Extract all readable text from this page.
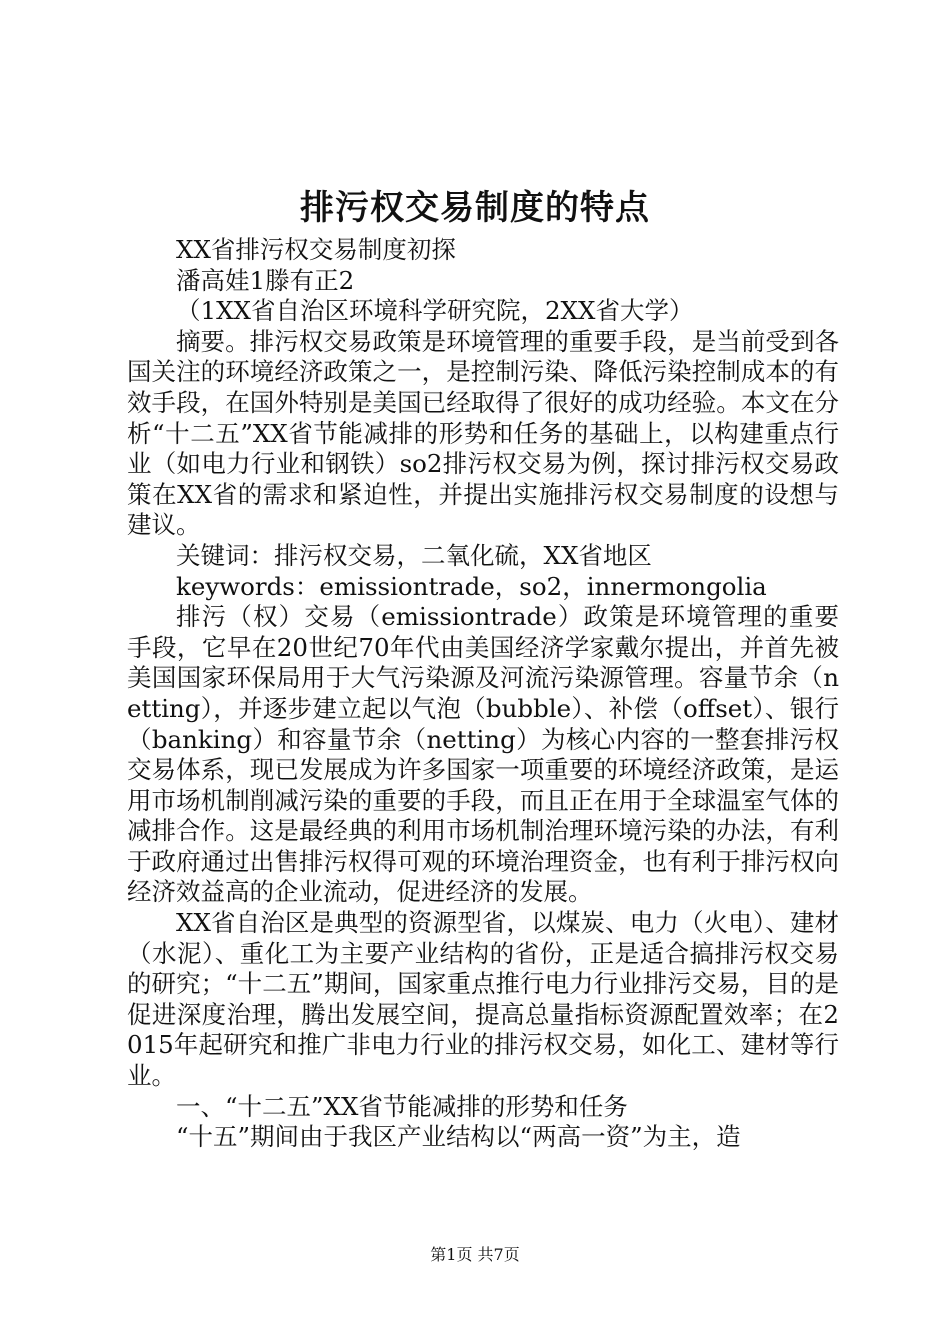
排污权交易制度的特点

XX省排污权交易制度初探

潘高娃1滕有正2

（1XX省自治区环境科学研究院，2XX省大学）

摘要。排污权交易政策是环境管理的重要手段，是当前受到各国关注的环境经济政策之一，是控制污染、降低污染控制成本的有效手段，在国外特别是美国已经取得了很好的成功经验。本文在分析“十二五”XX省节能减排的形势和任务的基础上，以构建重点行业（如电力行业和钢铁）so2排污权交易为例，探讨排污权交易政策在XX省的需求和紧迫性，并提出实施排污权交易制度的设想与建议。

关键词：排污权交易，二氧化硫，XX省地区

keywords：emissiontrade，so2，innermongolia

排污（权）交易（emissiontrade）政策是环境管理的重要手段，它早在20世纪70年代由美国经济学家戴尔提出，并首先被美国国家环保局用于大气污染源及河流污染源管理。容量节余（netting），并逐步建立起以气泡（bubble）、补偿（offset）、银行（banking）和容量节余（netting）为核心内容的一整套排污权交易体系，现已发展成为许多国家一项重要的环境经济政策，是运用市场机制削减污染的重要的手段，而且正在用于全球温室气体的减排合作。这是最经典的利用市场机制治理环境污染的办法，有利于政府通过出售排污权得可观的环境治理资金，也有利于排污权向经济效益高的企业流动，促进经济的发展。

XX省自治区是典型的资源型省，以煤炭、电力（火电）、建材（水泥）、重化工为主要产业结构的省份，正是适合搞排污权交易的研究；“十二五”期间，国家重点推行电力行业排污交易，目的是促进深度治理，腾出发展空间，提高总量指标资源配置效率；在2015年起研究和推广非电力行业的排污权交易，如化工、建材等行业。

一、“十二五”XX省节能减排的形势和任务

“十五”期间由于我区产业结构以“两高一资”为主，造

第1页 共7页
